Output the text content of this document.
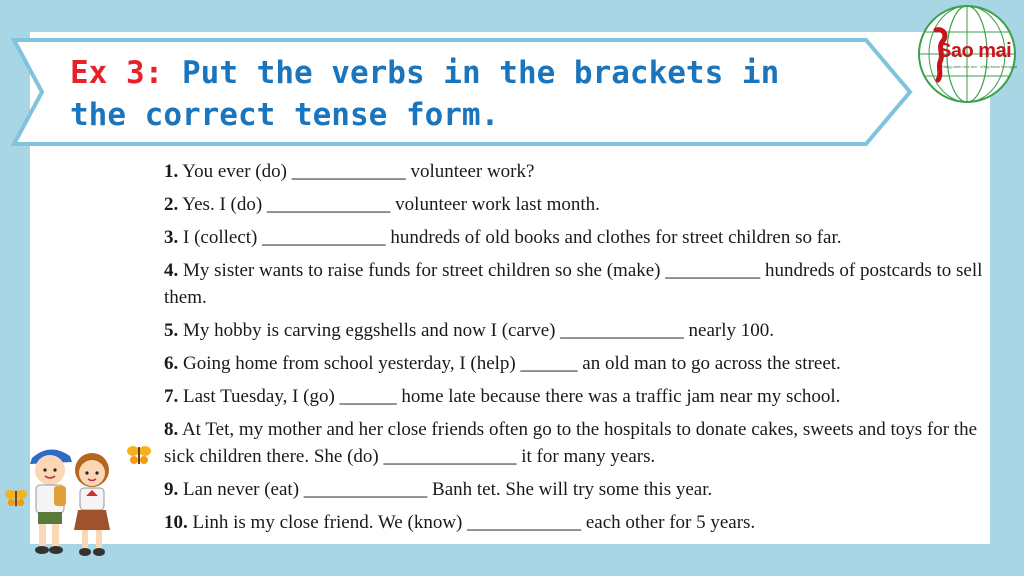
Ex 3: Put the verbs in the brackets in the correct tense form.
Sao mai
Nâng cánh ước mơ · vững bước tương lai
1. You ever (do) ____________ volunteer work?
2. Yes. I (do) _____________ volunteer work last month.
3. I (collect) _____________ hundreds of old books and clothes for street children so far.
4. My sister wants to raise funds for street children so she (make) __________ hundreds of postcards to sell them.
5. My hobby is carving eggshells and now I (carve) _____________ nearly 100.
6. Going home from school yesterday, I (help) ______ an old man to go across the street.
7. Last Tuesday, I (go) ______ home late because there was a traffic jam near my school.
8. At Tet, my mother and her close friends often go to the hospitals to donate cakes, sweets and toys for the sick children there. She (do) ______________ it for many years.
9. Lan never (eat) _____________ Banh tet. She will try some this year.
10. Linh is my close friend. We (know) ____________ each other for 5 years.
